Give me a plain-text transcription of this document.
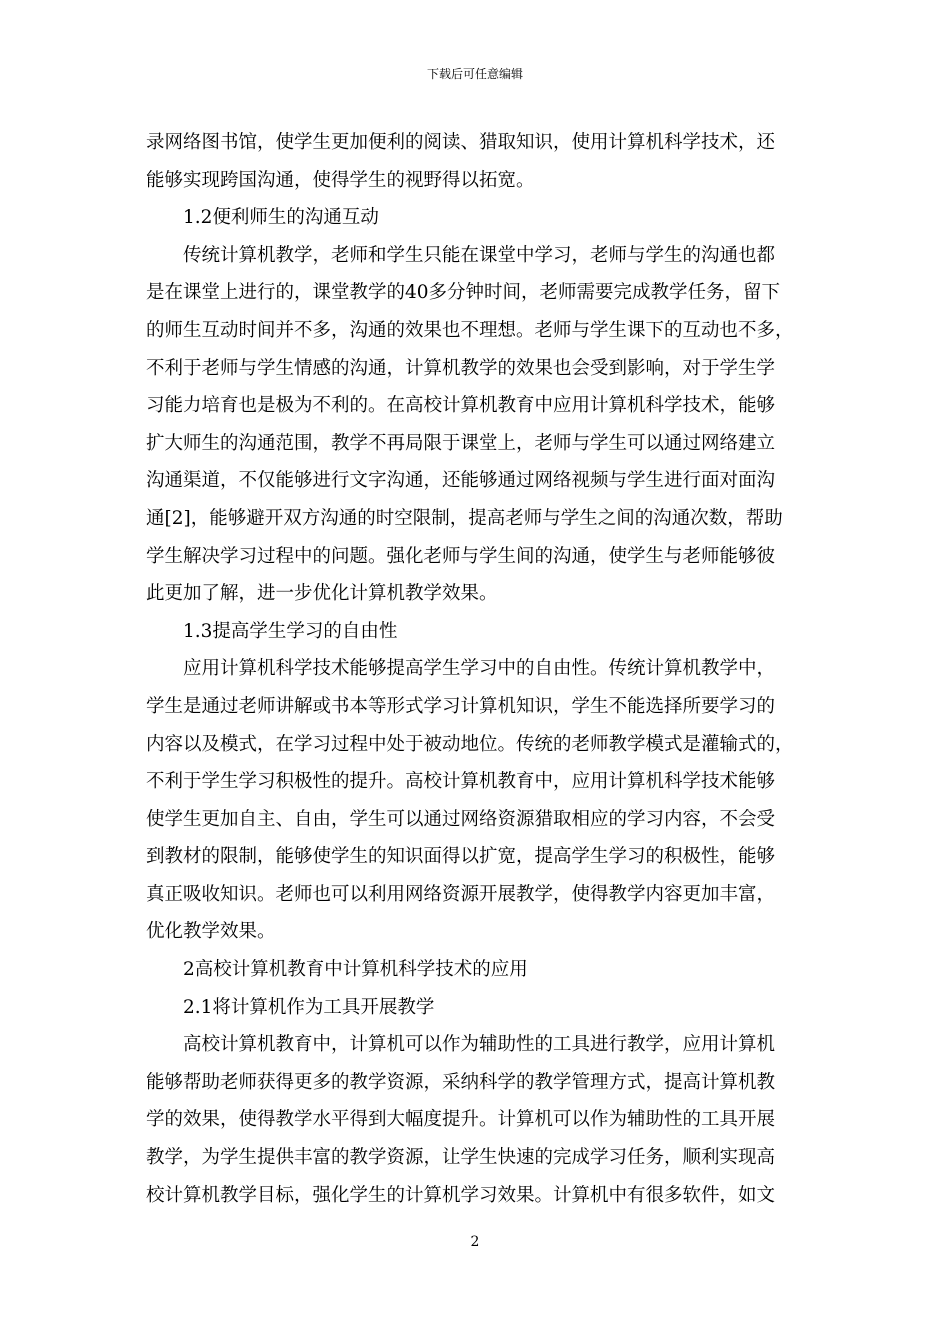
下载后可任意编辑
录网络图书馆，使学生更加便利的阅读、猎取知识，使用计算机科学技术，还
能够实现跨国沟通，使得学生的视野得以拓宽。
1.2便利师生的沟通互动
传统计算机教学，老师和学生只能在课堂中学习，老师与学生的沟通也都
是在课堂上进行的，课堂教学的40多分钟时间，老师需要完成教学任务，留下
的师生互动时间并不多，沟通的效果也不理想。老师与学生课下的互动也不多，
不利于老师与学生情感的沟通，计算机教学的效果也会受到影响，对于学生学
习能力培育也是极为不利的。在高校计算机教育中应用计算机科学技术，能够
扩大师生的沟通范围，教学不再局限于课堂上，老师与学生可以通过网络建立
沟通渠道，不仅能够进行文字沟通，还能够通过网络视频与学生进行面对面沟
通[2]，能够避开双方沟通的时空限制，提高老师与学生之间的沟通次数，帮助
学生解决学习过程中的问题。强化老师与学生间的沟通，使学生与老师能够彼
此更加了解，进一步优化计算机教学效果。
1.3提高学生学习的自由性
应用计算机科学技术能够提高学生学习中的自由性。传统计算机教学中，
学生是通过老师讲解或书本等形式学习计算机知识，学生不能选择所要学习的
内容以及模式，在学习过程中处于被动地位。传统的老师教学模式是灌输式的，
不利于学生学习积极性的提升。高校计算机教育中，应用计算机科学技术能够
使学生更加自主、自由，学生可以通过网络资源猎取相应的学习内容，不会受
到教材的限制，能够使学生的知识面得以扩宽，提高学生学习的积极性，能够
真正吸收知识。老师也可以利用网络资源开展教学，使得教学内容更加丰富，
优化教学效果。
2高校计算机教育中计算机科学技术的应用
2.1将计算机作为工具开展教学
高校计算机教育中，计算机可以作为辅助性的工具进行教学，应用计算机
能够帮助老师获得更多的教学资源，采纳科学的教学管理方式，提高计算机教
学的效果，使得教学水平得到大幅度提升。计算机可以作为辅助性的工具开展
教学，为学生提供丰富的教学资源，让学生快速的完成学习任务，顺利实现高
校计算机教学目标，强化学生的计算机学习效果。计算机中有很多软件，如文
2
